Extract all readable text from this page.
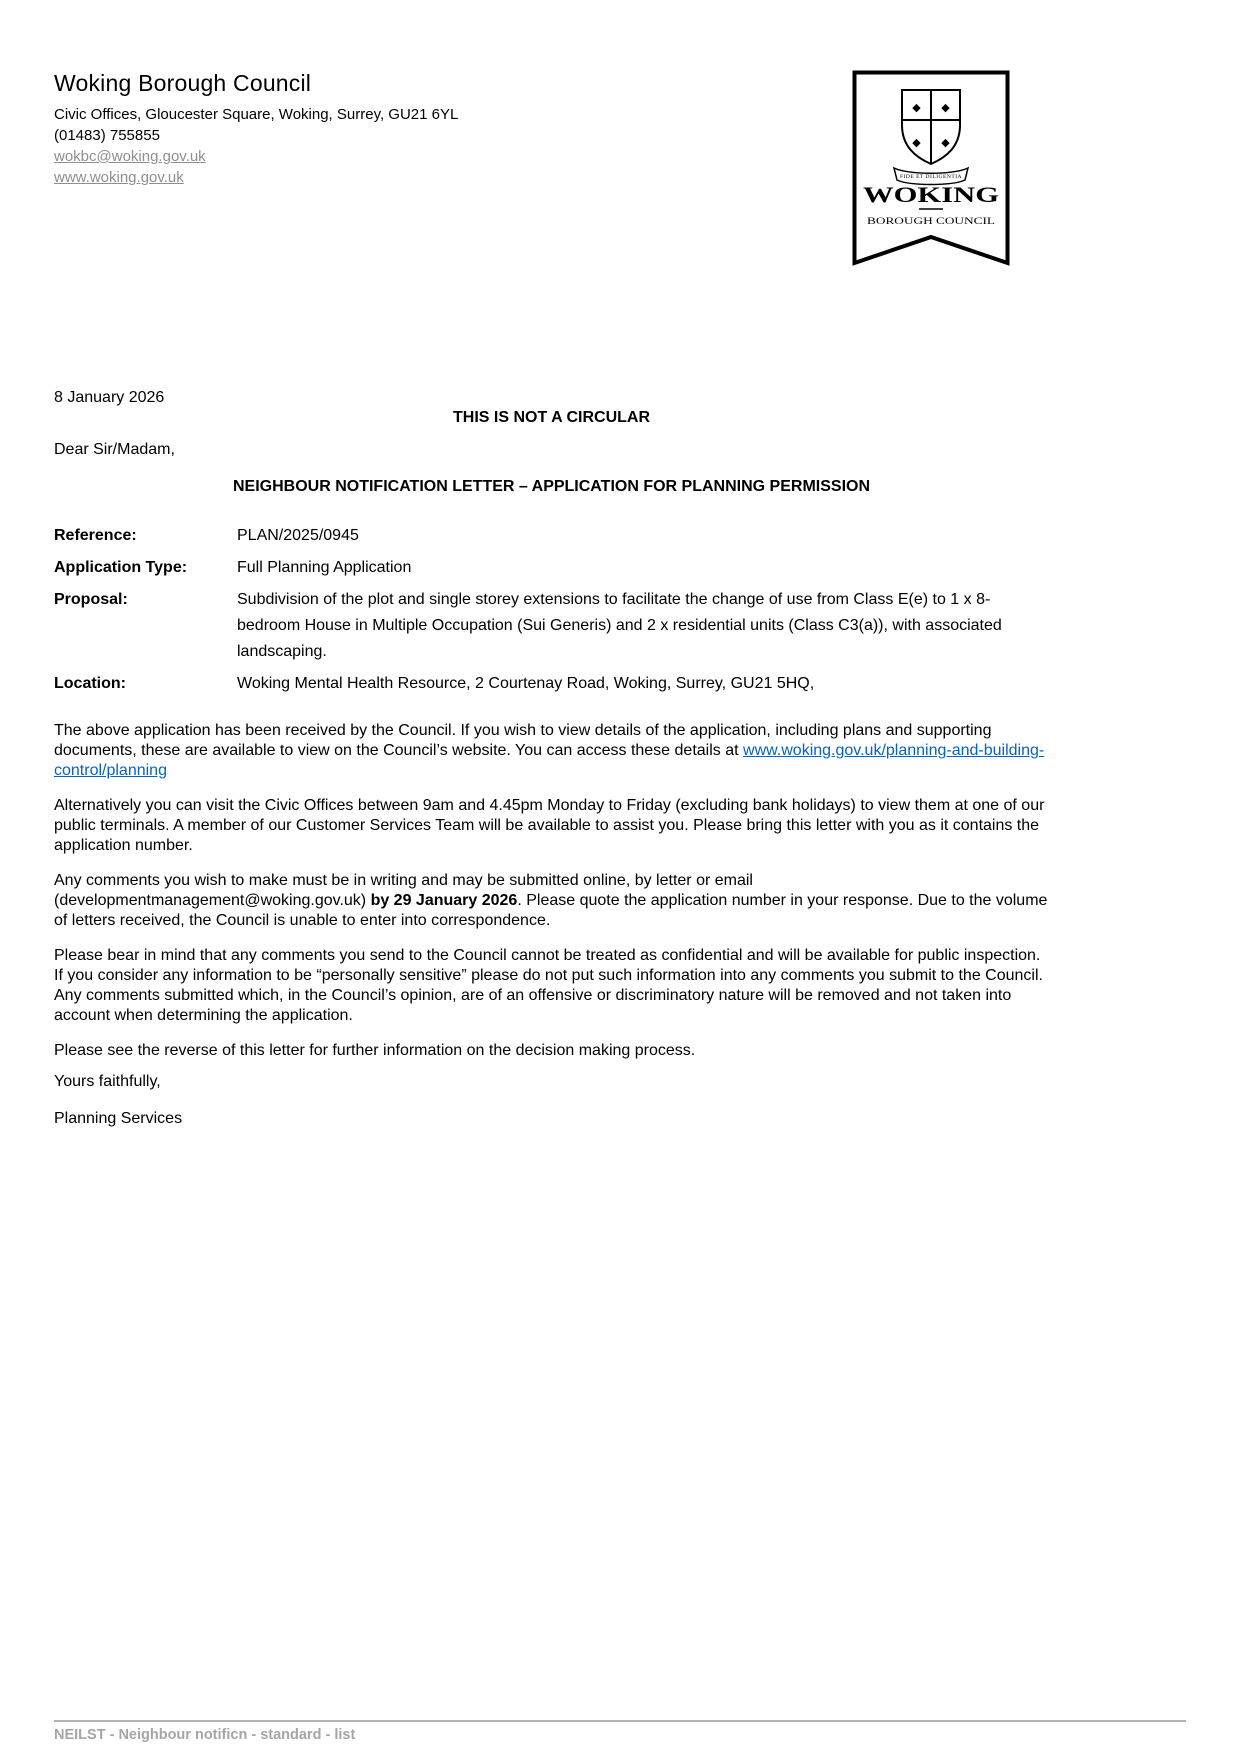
Woking Borough Council
Civic Offices, Gloucester Square, Woking, Surrey, GU21 6YL
(01483) 755855
wokbc@woking.gov.uk
www.woking.gov.uk
◆ ◆
◆ ◆
FIDE ET DILIGENTIA
WOKING
BOROUGH COUNCIL
8 January 2026
THIS IS NOT A CIRCULAR
Dear Sir/Madam,
NEIGHBOUR NOTIFICATION LETTER – APPLICATION FOR PLANNING PERMISSION
Reference:	PLAN/2025/0945
Application Type:	Full Planning Application
Proposal:	Subdivision of the plot and single storey extensions to facilitate the change of use from Class E(e) to 1 x 8-bedroom House in Multiple Occupation (Sui Generis) and 2 x residential units (Class C3(a)), with associated landscaping.
Location:	Woking Mental Health Resource, 2 Courtenay Road, Woking, Surrey, GU21 5HQ,

The above application has been received by the Council. If you wish to view details of the application, including plans and supporting documents, these are available to view on the Council’s website. You can access these details at www.woking.gov.uk/planning-and-building-control/planning

Alternatively you can visit the Civic Offices between 9am and 4.45pm Monday to Friday (excluding bank holidays) to view them at one of our public terminals. A member of our Customer Services Team will be available to assist you. Please bring this letter with you as it contains the application number.

Any comments you wish to make must be in writing and may be submitted online, by letter or email (developmentmanagement@woking.gov.uk) by 29 January 2026. Please quote the application number in your response. Due to the volume of letters received, the Council is unable to enter into correspondence.

Please bear in mind that any comments you send to the Council cannot be treated as confidential and will be available for public inspection. If you consider any information to be “personally sensitive” please do not put such information into any comments you submit to the Council. Any comments submitted which, in the Council’s opinion, are of an offensive or discriminatory nature will be removed and not taken into account when determining the application.

Please see the reverse of this letter for further information on the decision making process.

Yours faithfully,
Planning Services
NEILST - Neighbour notificn - standard - list
